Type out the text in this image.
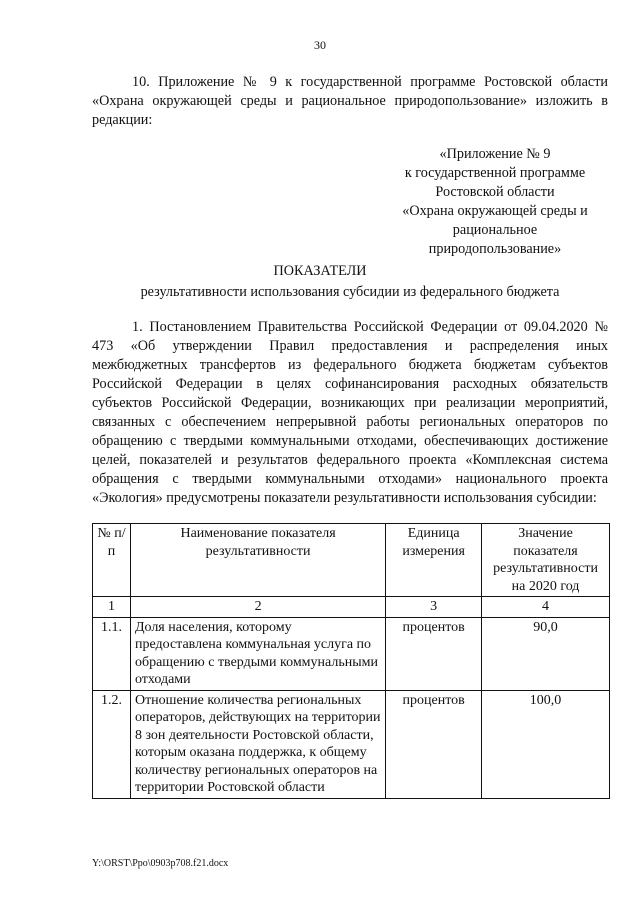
30
10. Приложение № 9 к государственной программе Ростовской области «Охрана окружающей среды и рациональное природопользование» изложить в редакции:
«Приложение № 9
к государственной программе
Ростовской области
«Охрана окружающей среды и
рациональное
природопользование»
ПОКАЗАТЕЛИ
результативности использования субсидии из федерального бюджета
1. Постановлением Правительства Российской Федерации от 09.04.2020 № 473 «Об утверждении Правил предоставления и распределения иных межбюджетных трансфертов из федерального бюджета бюджетам субъектов Российской Федерации в целях софинансирования расходных обязательств субъектов Российской Федерации, возникающих при реализации мероприятий, связанных с обеспечением непрерывной работы региональных операторов по обращению с твердыми коммунальными отходами, обеспечивающих достижение целей, показателей и результатов федерального проекта «Комплексная система обращения с твердыми коммунальными отходами» национального проекта «Экология» предусмотрены показатели результативности использования субсидии:
№ п/п	Наименование показателя результативности	Единица измерения	Значение показателя результативности на 2020 год
1	2	3	4
1.1.	Доля населения, которому предоставлена коммунальная услуга по обращению с твердыми коммунальными отходами	процентов	90,0
1.2.	Отношение количества региональных операторов, действующих на территории 8 зон деятельности Ростовской области, которым оказана поддержка, к общему количеству региональных операторов на территории Ростовской области	процентов	100,0
Y:\ORST\Ppo\0903p708.f21.docx
